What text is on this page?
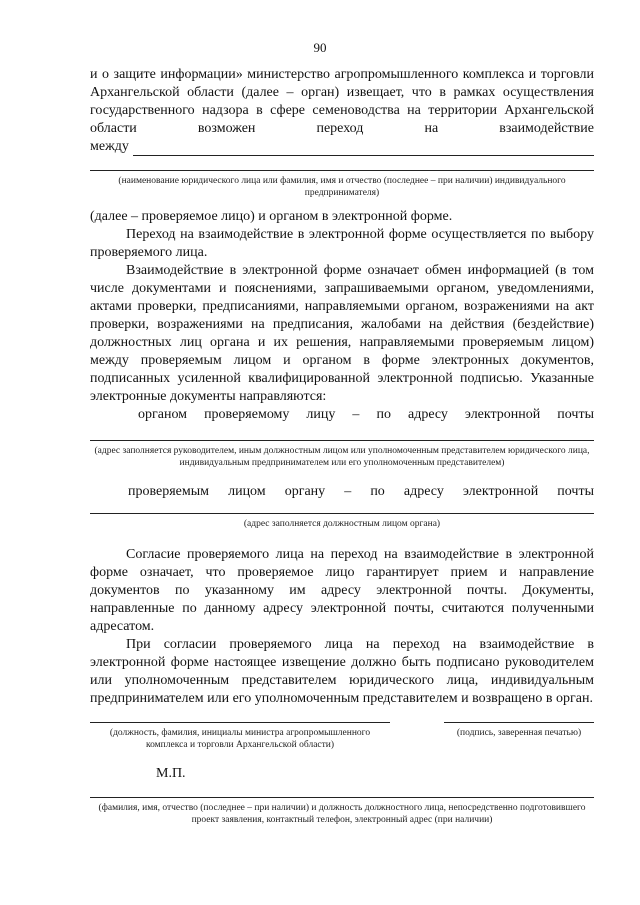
90

и о защите информации» министерство агропромышленного комплекса и торговли Архангельской области (далее – орган) извещает, что в рамках осуществления государственного надзора в сфере семеноводства на территории Архангельской области возможен переход на взаимодействие

между

(наименование юридического лица или фамилия, имя и отчество (последнее – при наличии) индивидуального предпринимателя)

(далее – проверяемое лицо) и органом в электронной форме.

Переход на взаимодействие в электронной форме осуществляется по выбору проверяемого лица.

Взаимодействие в электронной форме означает обмен информацией (в том числе документами и пояснениями, запрашиваемыми органом, уведомлениями, актами проверки, предписаниями, направляемыми органом, возражениями на акт проверки, возражениями на предписания, жалобами на действия (бездействие) должностных лиц органа и их решения, направляемыми проверяемым лицом) между проверяемым лицом и органом в форме электронных документов, подписанных усиленной квалифицированной электронной подписью. Указанные электронные документы направляются:

органом проверяемому лицу – по адресу электронной почты

(адрес заполняется руководителем, иным должностным лицом или уполномоченным представителем юридического лица, индивидуальным предпринимателем или его уполномоченным представителем)

проверяемым лицом органу – по адресу электронной почты

(адрес заполняется должностным лицом органа)

Согласие проверяемого лица на переход на взаимодействие в электронной форме означает, что проверяемое лицо гарантирует прием и направление документов по указанному им адресу электронной почты. Документы, направленные по данному адресу электронной почты, считаются полученными адресатом.

При согласии проверяемого лица на переход на взаимодействие в электронной форме настоящее извещение должно быть подписано руководителем или уполномоченным представителем юридического лица, индивидуальным предпринимателем или его уполномоченным представителем и возвращено в орган.

(должность, фамилия, инициалы министра агропромышленного комплекса и торговли Архангельской области)

(подпись, заверенная печатью)

М.П.

(фамилия, имя, отчество (последнее – при наличии) и должность должностного лица, непосредственно подготовившего проект заявления, контактный телефон, электронный адрес (при наличии)
